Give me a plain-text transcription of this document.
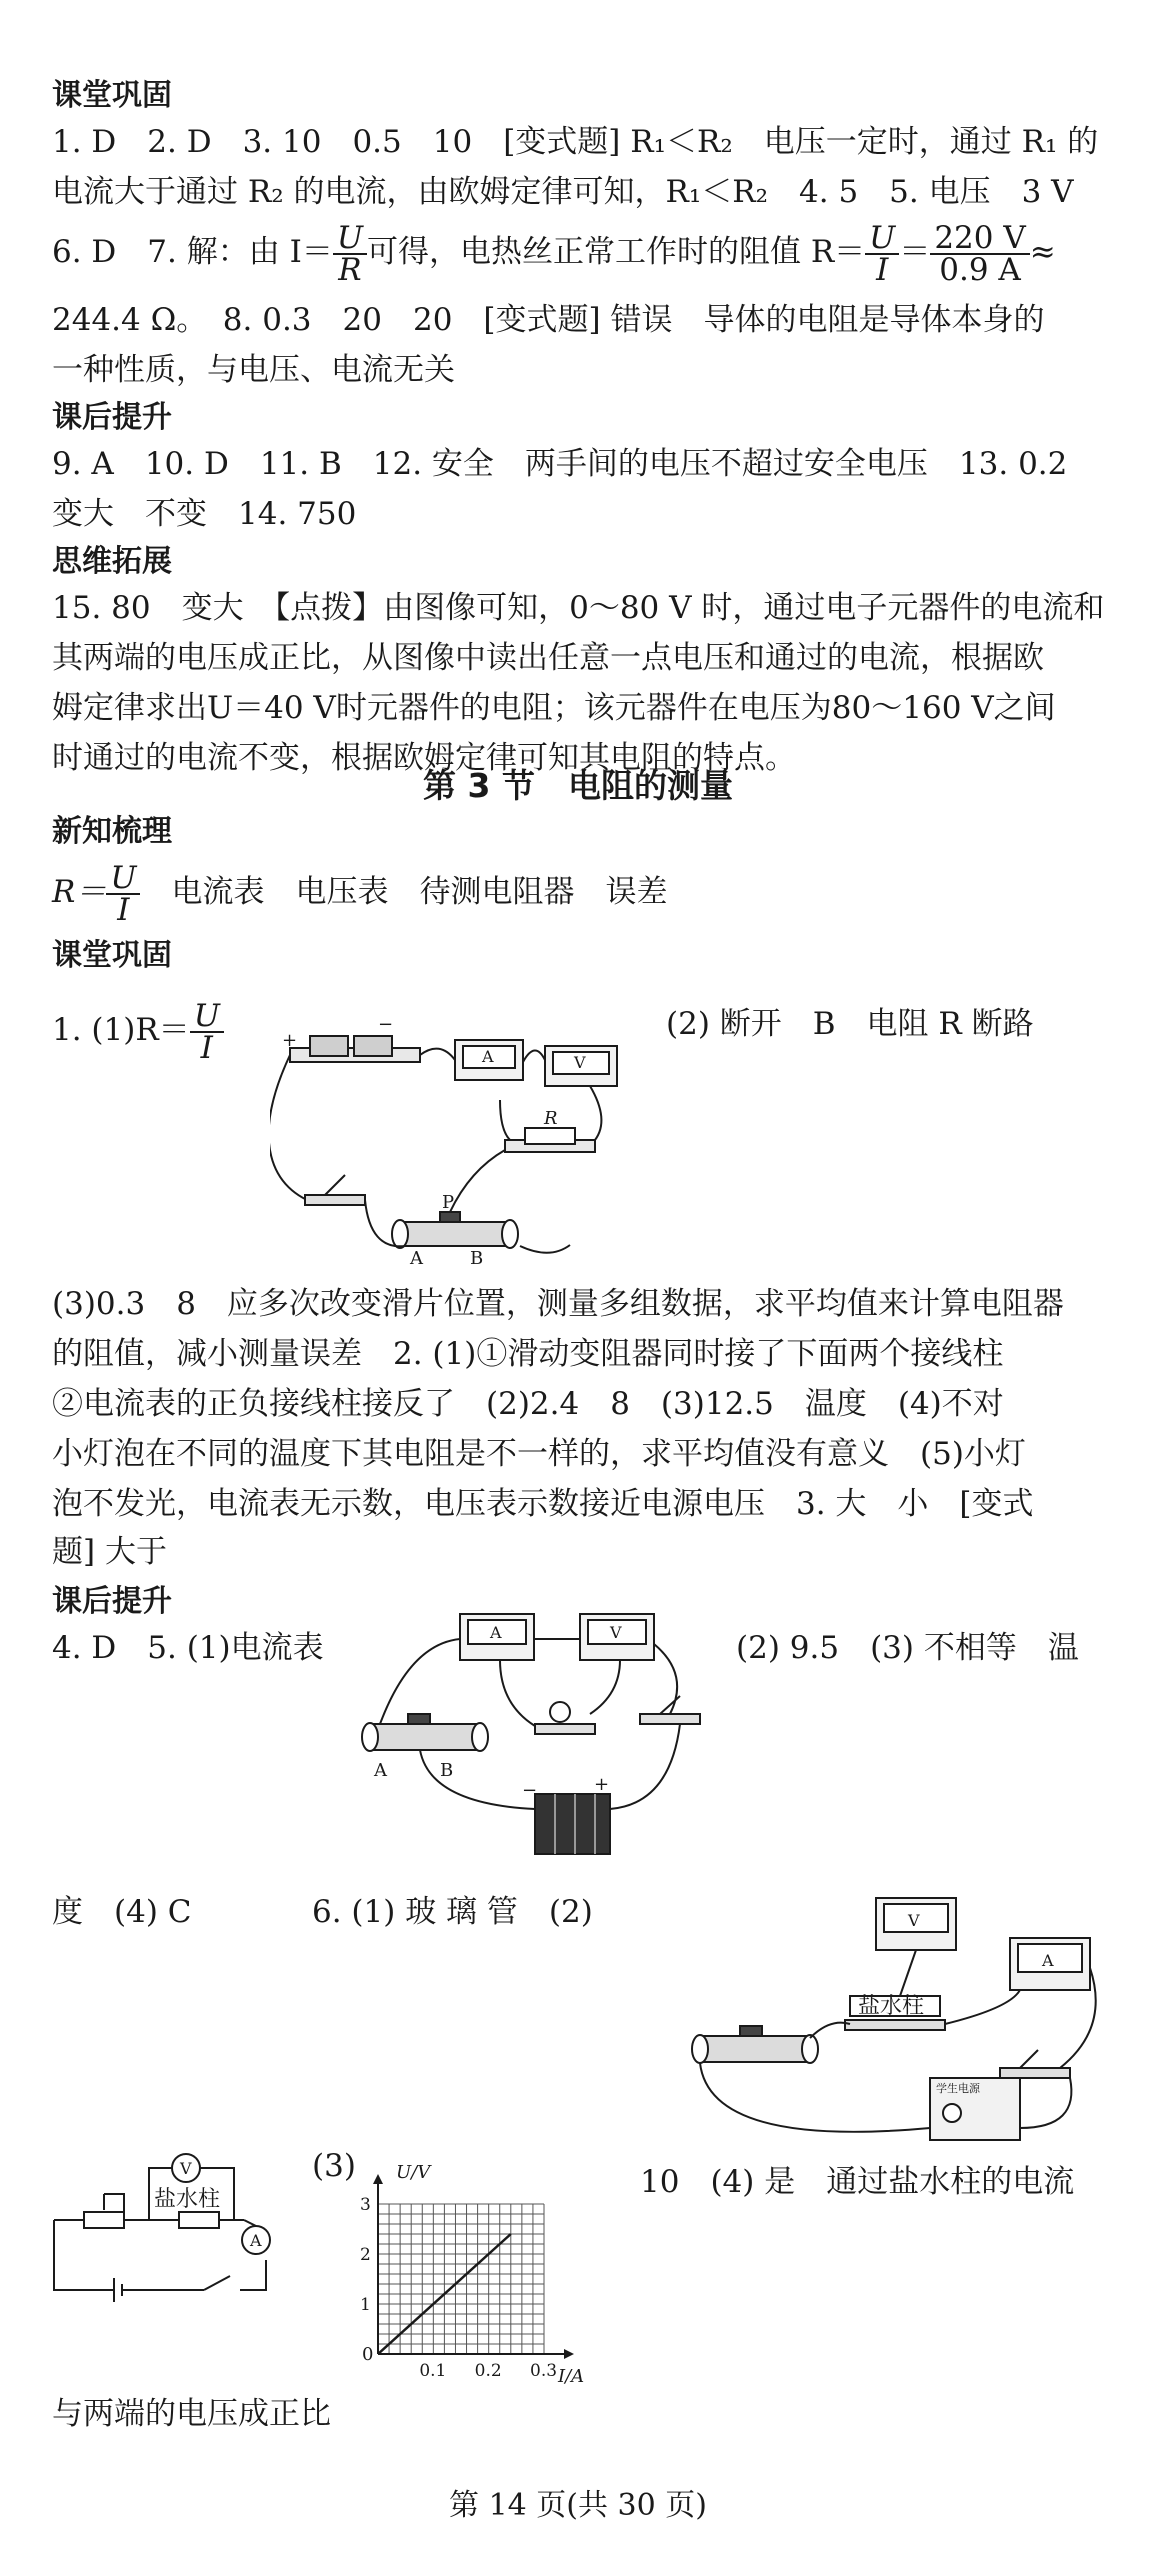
课堂巩固
1. D　2. D　3. 10　0.5　10　[变式题] R₁＜R₂　电压一定时，通过 R₁ 的
电流大于通过 R₂ 的电流，由欧姆定律可知，R₁＜R₂　4. 5　5. 电压　3 V
6. D　7. 解：由 $I= \frac{U}{R}$ 可得，电热丝正常工作时的阻值 $R= \frac{U}{I} = \frac{220 V}{0.9 A}$ ≈
244.4 Ω。　8. 0.3　20　20　[变式题] 错误　导体的电阻是导体本身的
一种性质，与电压、电流无关
课后提升
9. A　10. D　11. B　12. 安全　两手间的电压不超过安全电压　13. 0.2
变大　不变　14. 750
思维拓展
15. 80　变大　【点拨】由图像可知，0～80 V 时，通过电子元器件的电流和
其两端的电压成正比，从图像中读出任意一点电压和通过的电流，根据欧
姆定律求出U＝40 V时元器件的电阻；该元器件在电压为80～160 V之间
时通过的电流不变，根据欧姆定律可知其电阻的特点。
第 3 节　电阻的测量
新知梳理
$R= \frac{U}{I}$ 　电流表　电压表　待测电阻器　误差
课堂巩固
1. $(1)R= \frac{U}{I}$	(2) 断开　B　电阻 R 断路
+
−
A	V
R
P
A	B
(3)0.3　8　应多次改变滑片位置，测量多组数据，求平均值来计算电阻器
的阻值，减小测量误差　2. (1)①滑动变阻器同时接了下面两个接线柱
②电流表的正负接线柱接反了　(2)2.4　8　(3)12.5　温度　(4)不对
小灯泡在不同的温度下其电阻是不一样的，求平均值没有意义　(5)小灯
泡不发光，电流表无示数，电压表示数接近电源电压　3. 大　小　[变式
题] 大于
课后提升
4. D　5. (1)电流表	(2) 9.5　(3) 不相等　温
A	V
A	B
+
−
度　(4) C	6. (1) 玻 璃 管　(2)	V
A
盐水柱
学生电源
V
A
盐水柱
(3)	10　(4) 是　通过盐水柱的电流
0.1 0.2 0.3
1
2
3
U/V
I/A
0
与两端的电压成正比
第 14 页(共 30 页)
